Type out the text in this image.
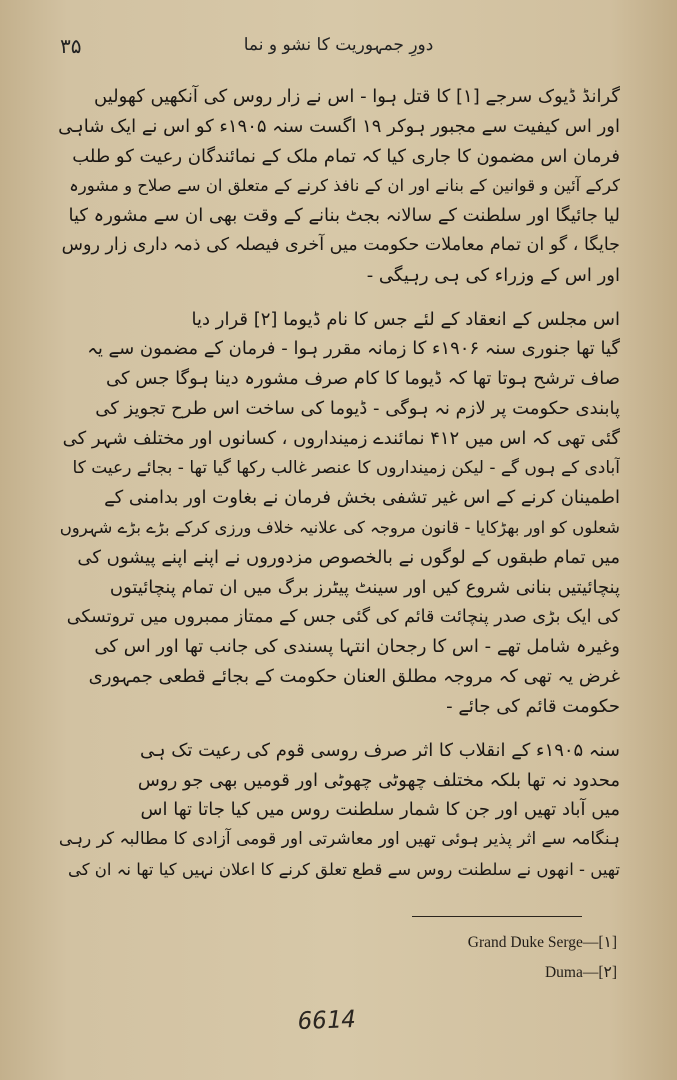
۳۵	دورِ جمہوریت کا نشو و نما
گرانڈ ڈیوک سرجے [۱] کا قتل ہوا - اس نے زار روس کی آنکھیں کھولیں
اور اس کیفیت سے مجبور ہوکر ۱۹ اگست سنہ ۱۹۰۵ء کو اس نے ایک شاہی
فرمان اس مضمون کا جاری کیا کہ تمام ملک کے نمائندگان رعیت کو طلب
کرکے آئین و قوانین کے بنانے اور ان کے نافذ کرنے کے متعلق ان سے صلاح و مشورہ
لیا جائیگا اور سلطنت کے سالانہ بجٹ بنانے کے وقت بھی ان سے مشورہ کیا
جایگا ، گو ان تمام معاملات حکومت میں آخری فیصلہ کی ذمہ داری زار روس
اور اس کے وزراء کی ہی رہیگی -
اس مجلس کے انعقاد کے لئے جس کا نام ڈیوما [۲] قرار دیا
گیا تھا جنوری سنہ ۱۹۰۶ء کا زمانہ مقرر ہوا - فرمان کے مضمون سے یہ
صاف ترشح ہوتا تھا کہ ڈیوما کا کام صرف مشورہ دینا ہوگا جس کی
پابندی حکومت پر لازم نہ ہوگی - ڈیوما کی ساخت اس طرح تجویز کی
گئی تھی کہ اس میں ۴۱۲ نمائندے زمینداروں ، کسانوں اور مختلف شہر کی
آبادی کے ہوں گے - لیکن زمینداروں کا عنصر غالب رکھا گیا تھا - بجائے رعیت کا
اطمینان کرنے کے اس غیر تشفی بخش فرمان نے بغاوت اور بدامنی کے
شعلوں کو اور بھڑکایا - قانون مروجہ کی علانیہ خلاف ورزی کرکے بڑے بڑے شہروں
میں تمام طبقوں کے لوگوں نے بالخصوص مزدوروں نے اپنے اپنے پیشوں کی
پنچائیتیں بنانی شروع کیں اور سینٹ پیٹرز برگ میں ان تمام پنچائیتوں
کی ایک بڑی صدر پنچائت قائم کی گئی جس کے ممتاز ممبروں میں تروتسکی
وغیرہ شامل تھے - اس کا رجحان انتہا پسندی کی جانب تھا اور اس کی
غرض یہ تھی کہ مروجہ مطلق العنان حکومت کے بجائے قطعی جمہوری
حکومت قائم کی جائے -
سنہ ۱۹۰۵ء کے انقلاب کا اثر صرف روسی قوم کی رعیت تک ہی
محدود نہ تھا بلکہ مختلف چھوٹی چھوٹی اور قومیں بھی جو روس
میں آباد تھیں اور جن کا شمار سلطنت روس میں کیا جاتا تھا اس
ہنگامہ سے اثر پذیر ہوئی تھیں اور معاشرتی اور قومی آزادی کا مطالبہ کر رہی
تھیں - انھوں نے سلطنت روس سے قطع تعلق کرنے کا اعلان نہیں کیا تھا نہ ان کی
Grand Duke Serge—[۱]
Duma—[۲]
6614
